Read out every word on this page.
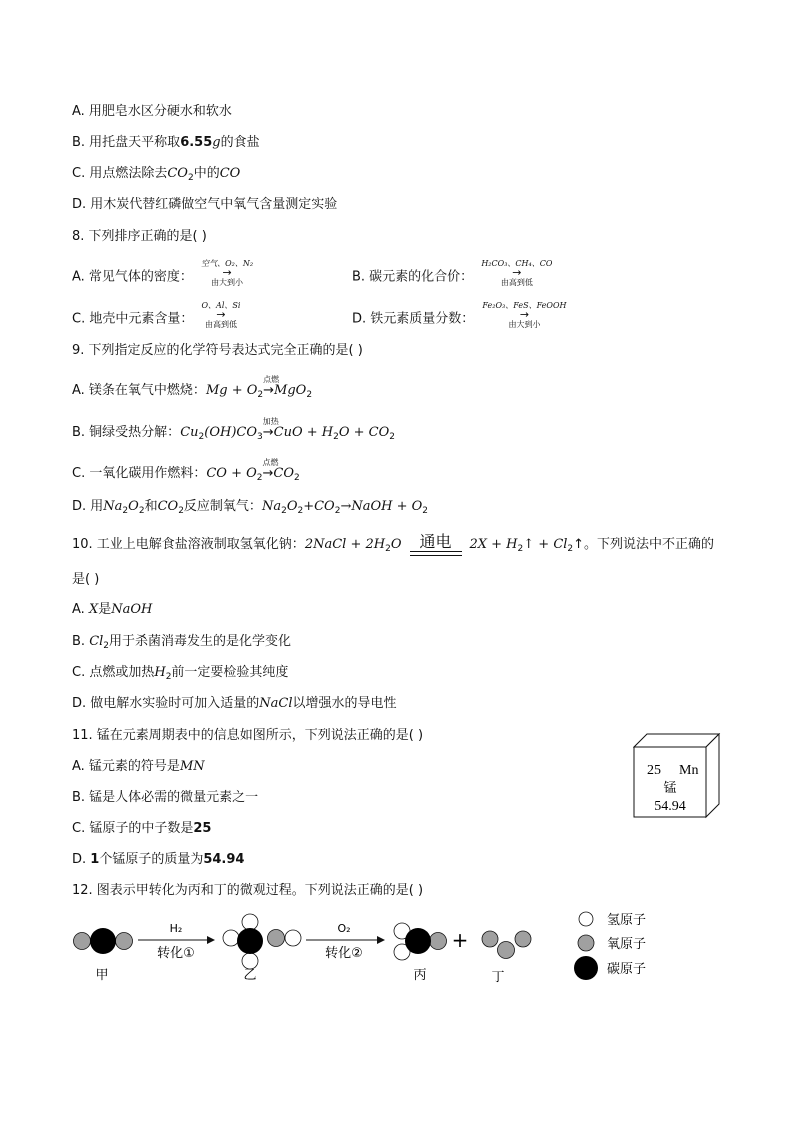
A. 用肥皂水区分硬水和软水
B. 用托盘天平称取6.55g的食盐
C. 用点燃法除去$CO_2$中的CO
D. 用木炭代替红磷做空气中氧气含量测定实验
8. 下列排序正确的是( )
A. 常见气体的密度：
空气、O₂、N₂
→
由大到小	B. 碳元素的化合价：
H₂CO₃、CH₄、CO
→
由高到低
C. 地壳中元素含量：
O、Al、Si
→
由高到低	D. 铁元素质量分数：
Fe₂O₃、FeS、FeOOH
→
由大到小
9. 下列指定反应的化学符号表达式完全正确的是( )
A. 镁条在氧气中燃烧：$Mg + O_2$
点燃
→MgO$_2$
B. 铜绿受热分解：$Cu_2(OH)CO_3$
加热
$\to CuO + H_2O + CO_2$
C. 一氧化碳用作燃料：CO + $O_2$
点燃
$\to CO_2$
D. 用$Na_2O_2$和$CO_2$反应制氧气：$Na_2O_2+CO_2\to NaOH + O_2$
10. 工业上电解食盐溶液制取氢氧化钠：2NaCl + $2H_2O$	通电	$2X + H_2↑$ + $Cl_2↑$。下列说法中不正确的
是( )
A. X是NaOH
B. $Cl_2$用于杀菌消毒发生的是化学变化
C. 点燃或加热$H_2$前一定要检验其纯度
D. 做电解水实验时可加入适量的NaCl以增强水的导电性
11. 锰在元素周期表中的信息如图所示，下列说法正确的是( )
A. 锰元素的符号是MN
B. 锰是人体必需的微量元素之一
C. 锰原子的中子数是25
D. 1个锰原子的质量为54.94
25 Mn
锰
54.94
12. 图表示甲转化为丙和丁的微观过程。下列说法正确的是( )
甲
H₂
转化①
乙
O₂
转化②
丙
+
丁
氢原子
氧原子
碳原子
